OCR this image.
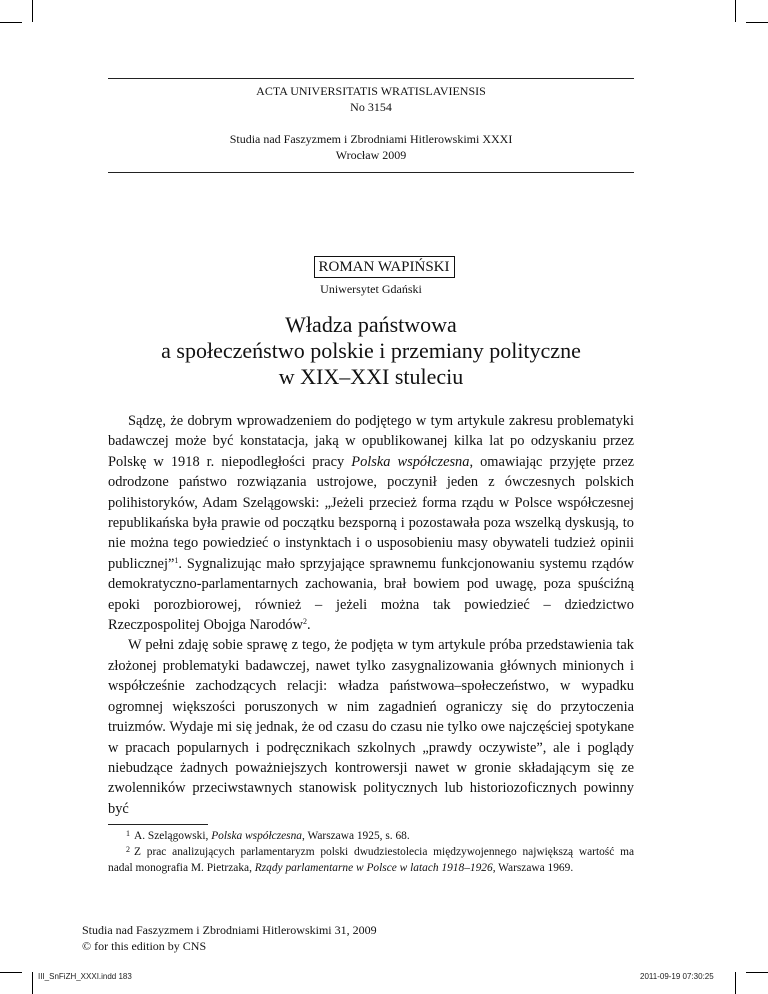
ACTA UNIVERSITATIS WRATISLAVIENSIS
No 3154
Studia nad Faszyzmem i Zbrodniami Hitlerowskimi XXXI
Wrocław 2009
ROMAN WAPIŃSKI
Uniwersytet Gdański
Władza państwowa
a społeczeństwo polskie i przemiany polityczne
w XIX–XXI stuleciu

Sądzę, że dobrym wprowadzeniem do podjętego w tym artykule zakresu problematyki badawczej może być konstatacja, jaką w opublikowanej kilka lat po odzyskaniu przez Polskę w 1918 r. niepodległości pracy Polska współczesna, omawiając przyjęte przez odrodzone państwo rozwiązania ustrojowe, poczynił jeden z ówczesnych polskich polihistoryków, Adam Szelągowski: „Jeżeli przecież forma rządu w Polsce współczesnej republikańska była prawie od początku bezsporną i pozostawała poza wszelką dyskusją, to nie można tego powiedzieć o instynktach i o usposobieniu masy obywateli tudzież opinii publicznej”$^1$. Sygnalizując mało sprzyjające sprawnemu funkcjonowaniu systemu rządów demokratyczno-parlamentarnych zachowania, brał bowiem pod uwagę, poza spuściźną epoki porozbiorowej, również – jeżeli można tak powiedzieć – dziedzictwo Rzeczpospolitej Obojga Narodów$^2$.

W pełni zdaję sobie sprawę z tego, że podjęta w tym artykule próba przedstawienia tak złożonej problematyki badawczej, nawet tylko zasygnalizowania głównych minionych i współcześnie zachodzących relacji: władza państwowa–społeczeństwo, w wypadku ogromnej większości poruszonych w nim zagadnień ograniczy się do przytoczenia truizmów. Wydaje mi się jednak, że od czasu do czasu nie tylko owe najczęściej spotykane w pracach popularnych i podręcznikach szkolnych „prawdy oczywiste”, ale i poglądy niebudzące żadnych poważniejszych kontrowersji nawet w gronie składającym się ze zwolenników przeciwstawnych stanowisk politycznych lub historiozoficznych powinny być

$^1$ A. Szelągowski, Polska współczesna, Warszawa 1925, s. 68.

$^2$ Z prac analizujących parlamentaryzm polski dwudziestolecia międzywojennego największą wartość ma nadal monografia M. Pietrzaka, Rządy parlamentarne w Polsce w latach 1918–1926, Warszawa 1969.

Studia nad Faszyzmem i Zbrodniami Hitlerowskimi 31, 2009
© for this edition by CNS
III_SnFiZH_XXXI.indd 183	2011-09-19 07:30:25
